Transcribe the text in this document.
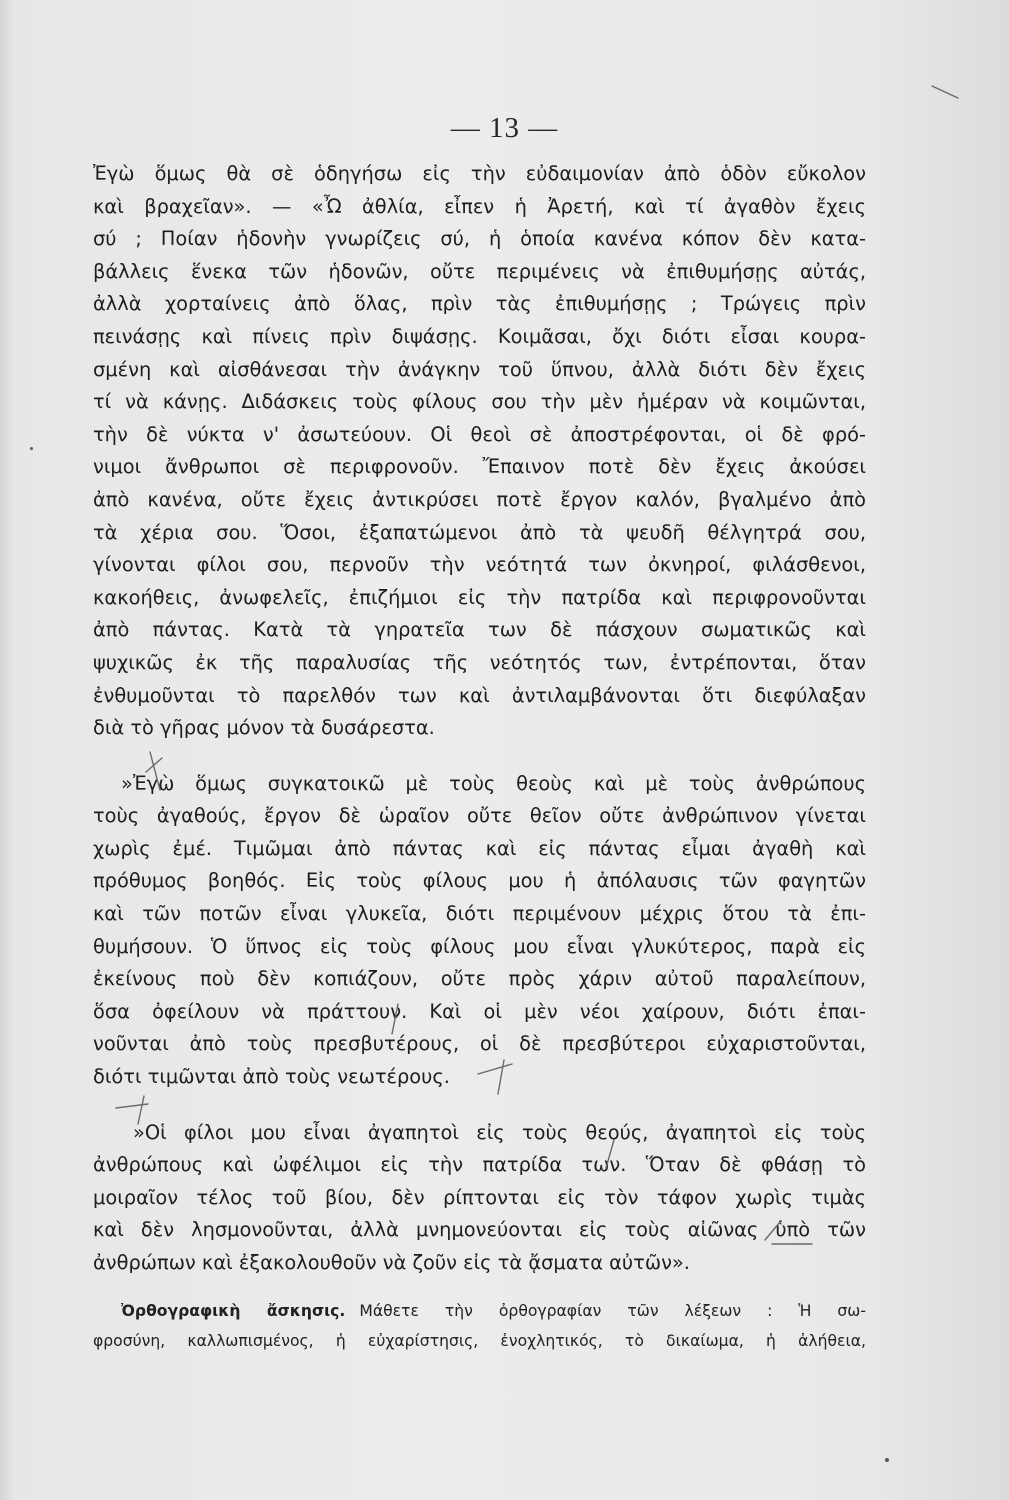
— 13 —
Ἐγὼ ὅμως θὰ σὲ ὁδηγήσω εἰς τὴν εὐδαιμονίαν ἀπὸ ὁδὸν εὔκολον
καὶ βραχεῖαν». — «Ὦ ἀθλία, εἶπεν ἡ Ἀρετή, καὶ τί ἀγαθὸν ἔχεις
σύ ; Ποίαν ἡδονὴν γνωρίζεις σύ, ἡ ὁποία κανένα κόπον δὲν κατα-
βάλλεις ἕνεκα τῶν ἡδονῶν, οὔτε περιμένεις νὰ ἐπιθυμήσῃς αὐτάς,
ἀλλὰ χορταίνεις ἀπὸ ὅλας, πρὶν τὰς ἐπιθυμήσῃς ; Τρώγεις πρὶν
πεινάσῃς καὶ πίνεις πρὶν διψάσῃς. Κοιμᾶσαι, ὄχι διότι εἶσαι κουρα-
σμένη καὶ αἰσθάνεσαι τὴν ἀνάγκην τοῦ ὕπνου, ἀλλὰ διότι δὲν ἔχεις
τί νὰ κάνῃς. Διδάσκεις τοὺς φίλους σου τὴν μὲν ἡμέραν νὰ κοιμῶνται,
τὴν δὲ νύκτα ν' ἀσωτεύουν. Οἱ θεοὶ σὲ ἀποστρέφονται, οἱ δὲ φρό-
νιμοι ἄνθρωποι σὲ περιφρονοῦν. Ἔπαινον ποτὲ δὲν ἔχεις ἀκούσει
ἀπὸ κανένα, οὔτε ἔχεις ἀντικρύσει ποτὲ ἔργον καλόν, βγαλμένο ἀπὸ
τὰ χέρια σου. Ὅσοι, ἐξαπατώμενοι ἀπὸ τὰ ψευδῆ θέλγητρά σου,
γίνονται φίλοι σου, περνοῦν τὴν νεότητά των ὀκνηροί, φιλάσθενοι,
κακοήθεις, ἀνωφελεῖς, ἐπιζήμιοι εἰς τὴν πατρίδα καὶ περιφρονοῦνται
ἀπὸ πάντας. Κατὰ τὰ γηρατεῖα των δὲ πάσχουν σωματικῶς καὶ
ψυχικῶς ἐκ τῆς παραλυσίας τῆς νεότητός των, ἐντρέπονται, ὅταν
ἐνθυμοῦνται τὸ παρελθόν των καὶ ἀντιλαμβάνονται ὅτι διεφύλαξαν
διὰ τὸ γῆρας μόνον τὰ δυσάρεστα.
»Ἐγὼ ὅμως συγκατοικῶ μὲ τοὺς θεοὺς καὶ μὲ τοὺς ἀνθρώπους
τοὺς ἀγαθούς, ἔργον δὲ ὡραῖον οὔτε θεῖον οὔτε ἀνθρώπινον γίνεται
χωρὶς ἐμέ. Τιμῶμαι ἀπὸ πάντας καὶ εἰς πάντας εἶμαι ἀγαθὴ καὶ
πρόθυμος βοηθός. Εἰς τοὺς φίλους μου ἡ ἀπόλαυσις τῶν φαγητῶν
καὶ τῶν ποτῶν εἶναι γλυκεῖα, διότι περιμένουν μέχρις ὅτου τὰ ἐπι-
θυμήσουν. Ὁ ὕπνος εἰς τοὺς φίλους μου εἶναι γλυκύτερος, παρὰ εἰς
ἐκείνους ποὺ δὲν κοπιάζουν, οὔτε πρὸς χάριν αὐτοῦ παραλείπουν,
ὅσα ὀφείλουν νὰ πράττουν. Καὶ οἱ μὲν νέοι χαίρουν, διότι ἐπαι-
νοῦνται ἀπὸ τοὺς πρεσβυτέρους, οἱ δὲ πρεσβύτεροι εὐχαριστοῦνται,
διότι τιμῶνται ἀπὸ τοὺς νεωτέρους.
»Οἱ φίλοι μου εἶναι ἀγαπητοὶ εἰς τοὺς θεούς, ἀγαπητοὶ εἰς τοὺς
ἀνθρώπους καὶ ὠφέλιμοι εἰς τὴν πατρίδα των. Ὅταν δὲ φθάσῃ τὸ
μοιραῖον τέλος τοῦ βίου, δὲν ρίπτονται εἰς τὸν τάφον χωρὶς τιμὰς
καὶ δὲν λησμονοῦνται, ἀλλὰ μνημονεύονται εἰς τοὺς αἰῶνας ὑπὸ τῶν
ἀνθρώπων καὶ ἐξακολουθοῦν νὰ ζοῦν εἰς τὰ ᾄσματα αὐτῶν».
Ὀρθογραφικὴ ἄσκησις. Μάθετε τὴν ὀρθογραφίαν τῶν λέξεων : Ἡ σω-
φροσύνη, καλλωπισμένος, ἡ εὐχαρίστησις, ἐνοχλητικός, τὸ δικαίωμα, ἡ ἀλήθεια,
